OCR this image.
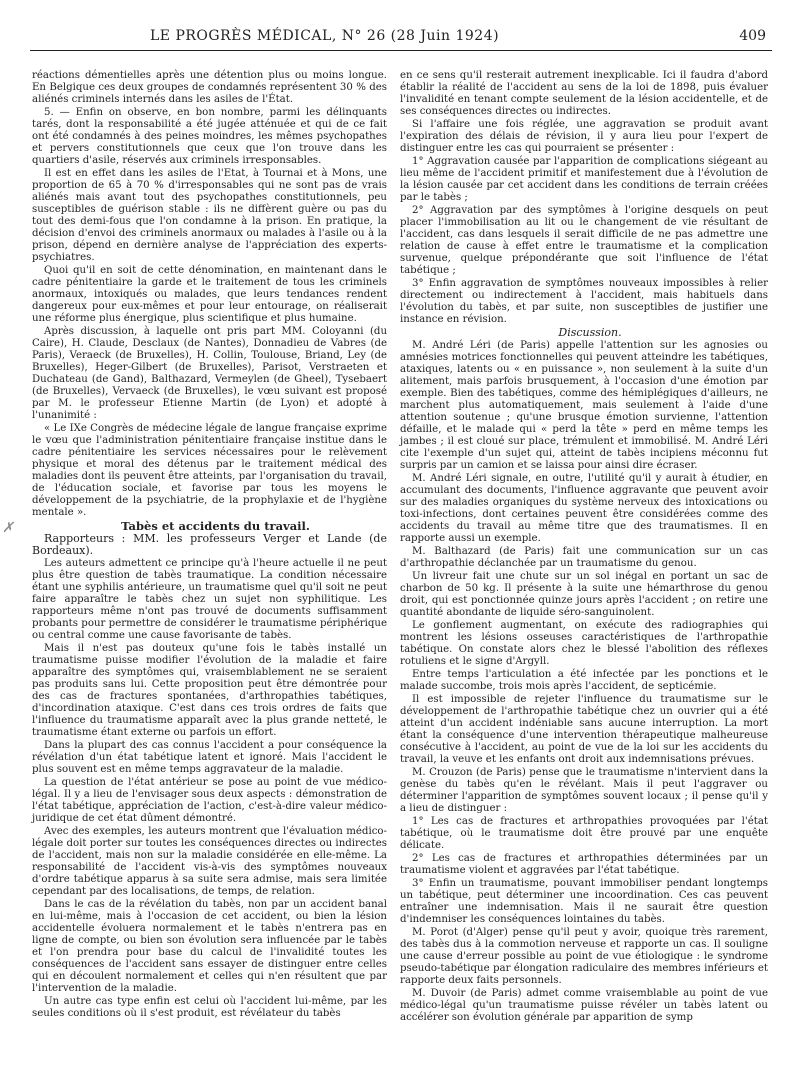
LE PROGRÈS MÉDICAL, N° 26 (28 Juin 1924)	409
✗

réactions démentielles après une détention plus ou moins longue. En Belgique ces deux groupes de condamnés représentent 30 % des aliénés criminels internés dans les asiles de l'État.

5. — Enfin on observe, en bon nombre, parmi les délinquants tarés, dont la responsabilité a été jugée atténuée et qui de ce fait ont été condamnés à des peines moindres, les mêmes psychopathes et pervers constitutionnels que ceux que l'on trouve dans les quartiers d'asile, réservés aux criminels irresponsables.

Il est en effet dans les asiles de l'Etat, à Tournai et à Mons, une proportion de 65 à 70 % d'irresponsables qui ne sont pas de vrais aliénés mais avant tout des psychopathes constitutionnels, peu susceptibles de guérison stable : ils ne diffèrent guère ou pas du tout des demi-fous que l'on condamne à la prison. En pratique, la décision d'envoi des criminels anormaux ou malades à l'asile ou à la prison, dépend en dernière analyse de l'appréciation des experts-psychiatres.

Quoi qu'il en soit de cette dénomination, en maintenant dans le cadre pénitentiaire la garde et le traitement de tous les criminels anormaux, intoxiqués ou malades, que leurs tendances rendent dangereux pour eux-mêmes et pour leur entourage, on réaliserait une réforme plus énergique, plus scientifique et plus humaine.

Après discussion, à laquelle ont pris part MM. Coloyanni (du Caire), H. Claude, Desclaux (de Nantes), Donnadieu de Vabres (de Paris), Veraeck (de Bruxelles), H. Collin, Toulouse, Briand, Ley (de Bruxelles), Heger-Gilbert (de Bruxelles), Parisot, Verstraeten et Duchateau (de Gand), Balthazard, Vermeylen (de Gheel), Tysebaert (de Bruxelles), Vervaeck (de Bruxelles), le vœu suivant est proposé par M. le professeur Etienne Martin (de Lyon) et adopté à l'unanimité :

« Le IXe Congrès de médecine légale de langue française exprime le vœu que l'administration pénitentiaire française institue dans le cadre pénitentiaire les services nécessaires pour le relèvement physique et moral des détenus par le traitement médical des maladies dont ils peuvent être atteints, par l'organisation du travail, de l'éducation sociale, et favorise par tous les moyens le développement de la psychiatrie, de la prophylaxie et de l'hygiène mentale ».

Tabès et accidents du travail.

Rapporteurs : MM. les professeurs Verger et Lande (de Bordeaux).

Les auteurs admettent ce principe qu'à l'heure actuelle il ne peut plus être question de tabès traumatique. La condition nécessaire étant une syphilis antérieure, un traumatisme quel qu'il soit ne peut faire apparaître le tabès chez un sujet non syphilitique. Les rapporteurs même n'ont pas trouvé de documents suffisamment probants pour permettre de considérer le traumatisme périphérique ou central comme une cause favorisante de tabès.

Mais il n'est pas douteux qu'une fois le tabès installé un traumatisme puisse modifier l'évolution de la maladie et faire apparaître des symptômes qui, vraisemblablement ne se seraient pas produits sans lui. Cette proposition peut être démontrée pour des cas de fractures spontanées, d'arthropathies tabétiques, d'incordination ataxique. C'est dans ces trois ordres de faits que l'influence du traumatisme apparaît avec la plus grande netteté, le traumatisme étant externe ou parfois un effort.

Dans la plupart des cas connus l'accident a pour conséquence la révélation d'un état tabétique latent et ignoré. Mais l'accident le plus souvent est en même temps aggravateur de la maladie.

La question de l'état antérieur se pose au point de vue médico-légal. Il y a lieu de l'envisager sous deux aspects : démonstration de l'état tabétique, appréciation de l'action, c'est-à-dire valeur médico-juridique de cet état dûment démontré.

Avec des exemples, les auteurs montrent que l'évaluation médico-légale doit porter sur toutes les conséquences directes ou indirectes de l'accident, mais non sur la maladie considérée en elle-même. La responsabilité de l'accident vis-à-vis des symptômes nouveaux d'ordre tabétique apparus à sa suite sera admise, mais sera limitée cependant par des localisations, de temps, de relation.

Dans le cas de la révélation du tabès, non par un accident banal en lui-même, mais à l'occasion de cet accident, ou bien la lésion accidentelle évoluera normalement et le tabès n'entrera pas en ligne de compte, ou bien son évolution sera influencée par le tabès et l'on prendra pour base du calcul de l'invalidité toutes les conséquences de l'accident sans essayer de distinguer entre celles qui en découlent normalement et celles qui n'en résultent que par l'intervention de la maladie.

Un autre cas type enfin est celui où l'accident lui-même, par les seules conditions où il s'est produit, est révélateur du tabès

en ce sens qu'il resterait autrement inexplicable. Ici il faudra d'abord établir la réalité de l'accident au sens de la loi de 1898, puis évaluer l'invalidité en tenant compte seulement de la lésion accidentelle, et de ses conséquences directes ou indirectes.

Si l'affaire une fois réglée, une aggravation se produit avant l'expiration des délais de révision, il y aura lieu pour l'expert de distinguer entre les cas qui pourraient se présenter :

1° Aggravation causée par l'apparition de complications siégeant au lieu même de l'accident primitif et manifestement due à l'évolution de la lésion causée par cet accident dans les conditions de terrain créées par le tabès ;

2° Aggravation par des symptômes à l'origine desquels on peut placer l'immobilisation au lit ou le changement de vie résultant de l'accident, cas dans lesquels il serait difficile de ne pas admettre une relation de cause à effet entre le traumatisme et la complication survenue, quelque prépondérante que soit l'influence de l'état tabétique ;

3° Enfin aggravation de symptômes nouveaux impossibles à relier directement ou indirectement à l'accident, mais habituels dans l'évolution du tabès, et par suite, non susceptibles de justifier une instance en révision.

Discussion.

M. André Léri (de Paris) appelle l'attention sur les agnosies ou amnésies motrices fonctionnelles qui peuvent atteindre les tabétiques, ataxiques, latents ou « en puissance », non seulement à la suite d'un alitement, mais parfois brusquement, à l'occasion d'une émotion par exemple. Bien des tabétiques, comme des hémiplégiques d'ailleurs, ne marchent plus automatiquement, mais seulement à l'aide d'une attention soutenue ; qu'une brusque émotion survienne, l'attention défaille, et le malade qui « perd la tête » perd en même temps les jambes ; il est cloué sur place, trémulent et immobilisé. M. André Léri cite l'exemple d'un sujet qui, atteint de tabès incipiens méconnu fut surpris par un camion et se laissa pour ainsi dire écraser.

M. André Léri signale, en outre, l'utilité qu'il y aurait à étudier, en accumulant des documents, l'influence aggravante que peuvent avoir sur des maladies organiques du système nerveux des intoxications ou toxi-infections, dont certaines peuvent être considérées comme des accidents du travail au même titre que des traumatismes. Il en rapporte aussi un exemple.

M. Balthazard (de Paris) fait une communication sur un cas d'arthropathie déclanchée par un traumatisme du genou.

Un livreur fait une chute sur un sol inégal en portant un sac de charbon de 50 kg. Il présente à la suite une hémarthrose du genou droit, qui est ponctionnée quinze jours après l'accident ; on retire une quantité abondante de liquide séro-sanguinolent.

Le gonflement augmentant, on exécute des radiographies qui montrent les lésions osseuses caractéristiques de l'arthropathie tabétique. On constate alors chez le blessé l'abolition des réflexes rotuliens et le signe d'Argyll.

Entre temps l'articulation a été infectée par les ponctions et le malade succombe, trois mois après l'accident, de septicémie.

Il est impossible de rejeter l'influence du traumatisme sur le développement de l'arthropathie tabétique chez un ouvrier qui a été atteint d'un accident indéniable sans aucune interruption. La mort étant la conséquence d'une intervention thérapeutique malheureuse consécutive à l'accident, au point de vue de la loi sur les accidents du travail, la veuve et les enfants ont droit aux indemnisations prévues.

M. Crouzon (de Paris) pense que le traumatisme n'intervient dans la genèse du tabès qu'en le révélant. Mais il peut l'aggraver ou déterminer l'apparition de symptômes souvent locaux ; il pense qu'il y a lieu de distinguer :

1° Les cas de fractures et arthropathies provoquées par l'état tabétique, où le traumatisme doit être prouvé par une enquête délicate.

2° Les cas de fractures et arthropathies déterminées par un traumatisme violent et aggravées par l'état tabétique.

3° Enfin un traumatisme, pouvant immobiliser pendant longtemps un tabétique, peut déterminer une incoordination. Ces cas peuvent entraîner une indemnisation. Mais il ne saurait être question d'indemniser les conséquences lointaines du tabès.

M. Porot (d'Alger) pense qu'il peut y avoir, quoique très rarement, des tabès dus à la commotion nerveuse et rapporte un cas. Il souligne une cause d'erreur possible au point de vue étiologique : le syndrome pseudo-tabétique par élongation radiculaire des membres inférieurs et rapporte deux faits personnels.

M. Duvoir (de Paris) admet comme vraisemblable au point de vue médico-légal qu'un traumatisme puisse révéler un tabès latent ou accélérer son évolution générale par apparition de symp
